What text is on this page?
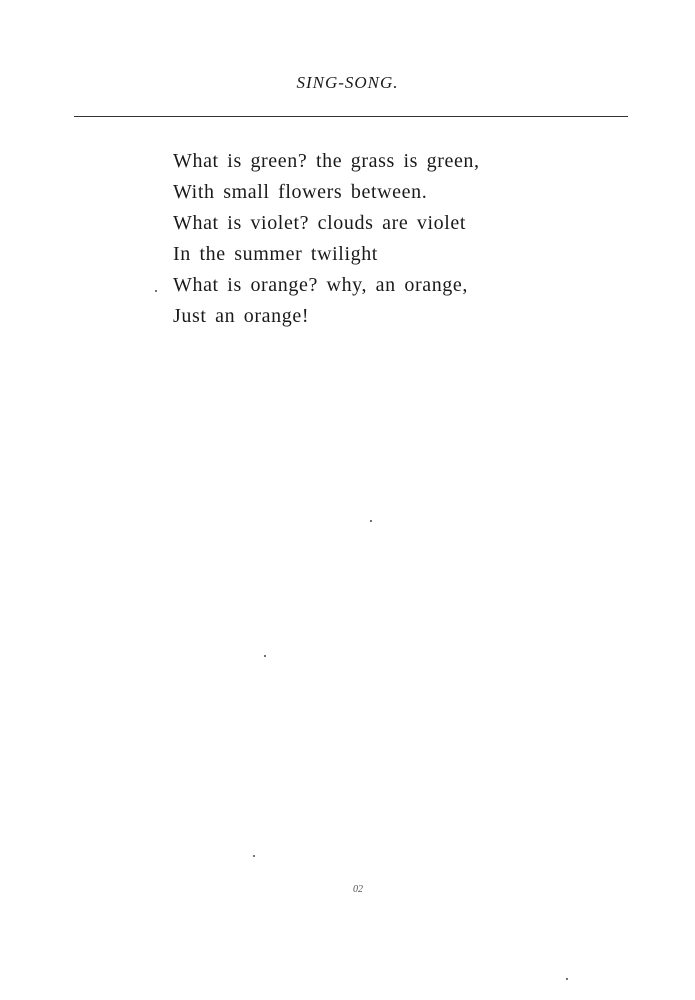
SING-SONG.
What is green? the grass is green,
With small flowers between.
What is violet? clouds are violet
In the summer twilight
What is orange? why, an orange,
Just an orange!
02
